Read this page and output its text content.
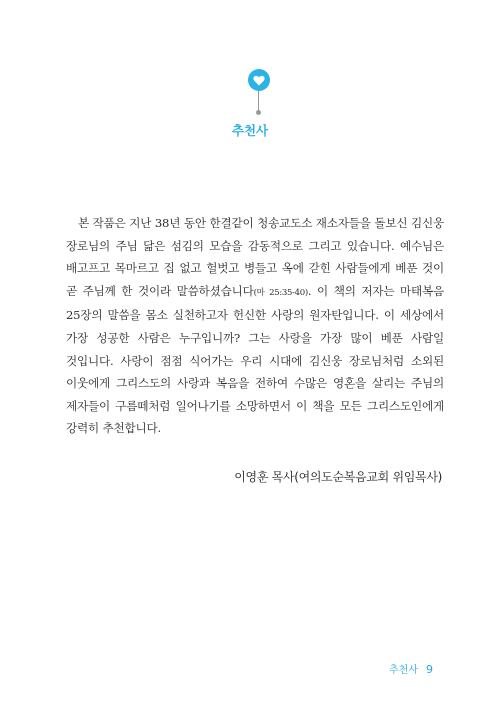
추천사

본 작품은 지난 38년 동안 한결같이 청송교도소 재소자들을 돌보신 김신웅 장로님의 주님 닮은 섬김의 모습을 감동적으로 그리고 있습니다. 예수님은 배고프고 목마르고 집 없고 헐벗고 병들고 옥에 갇힌 사람들에게 베푼 것이 곧 주님께 한 것이라 말씀하셨습니다(마 25:35-40). 이 책의 저자는 마태복음 25장의 말씀을 몸소 실천하고자 헌신한 사랑의 원자탄입니다. 이 세상에서 가장 성공한 사람은 누구입니까? 그는 사랑을 가장 많이 베푼 사람일 것입니다. 사랑이 점점 식어가는 우리 시대에 김신웅 장로님처럼 소외된 이웃에게 그리스도의 사랑과 복음을 전하여 수많은 영혼을 살리는 주님의 제자들이 구름떼처럼 일어나기를 소망하면서 이 책을 모든 그리스도인에게 강력히 추천합니다.

이영훈 목사(여의도순복음교회 위임목사)
추천사 9
